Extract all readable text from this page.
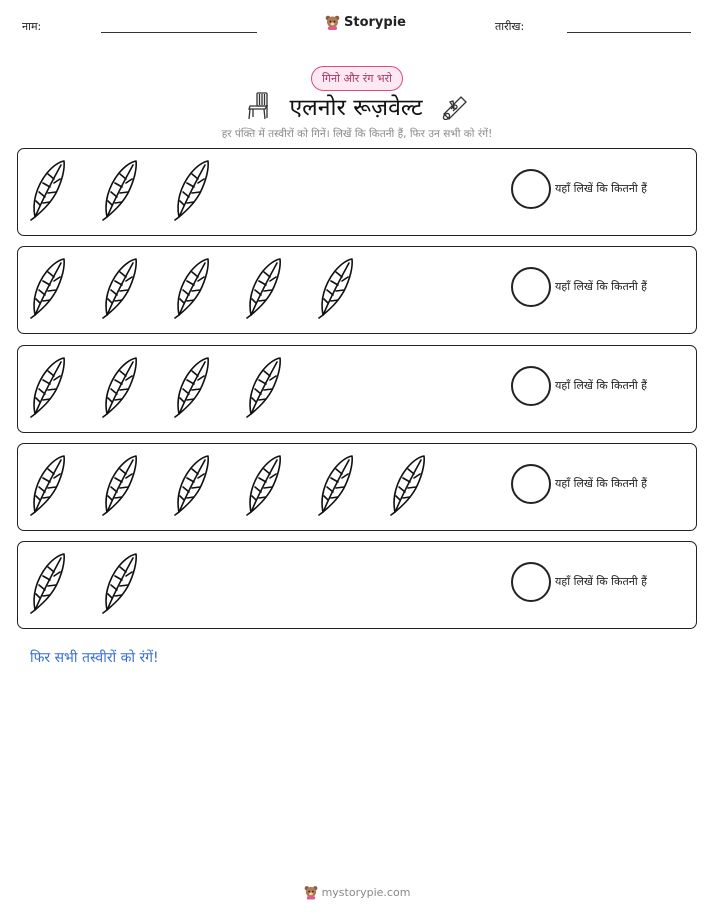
नाम:	Storypie	तारीख:
गिनो और रंग भरो
एलनोर रूज़वेल्ट
हर पंक्ति में तस्वीरों को गिनें। लिखें कि कितनी हैं, फिर उन सभी को रंगें!
यहाँ लिखें कि कितनी हैं
यहाँ लिखें कि कितनी हैं
यहाँ लिखें कि कितनी हैं
यहाँ लिखें कि कितनी हैं
यहाँ लिखें कि कितनी हैं
फिर सभी तस्वीरों को रंगें!
mystorypie.com
